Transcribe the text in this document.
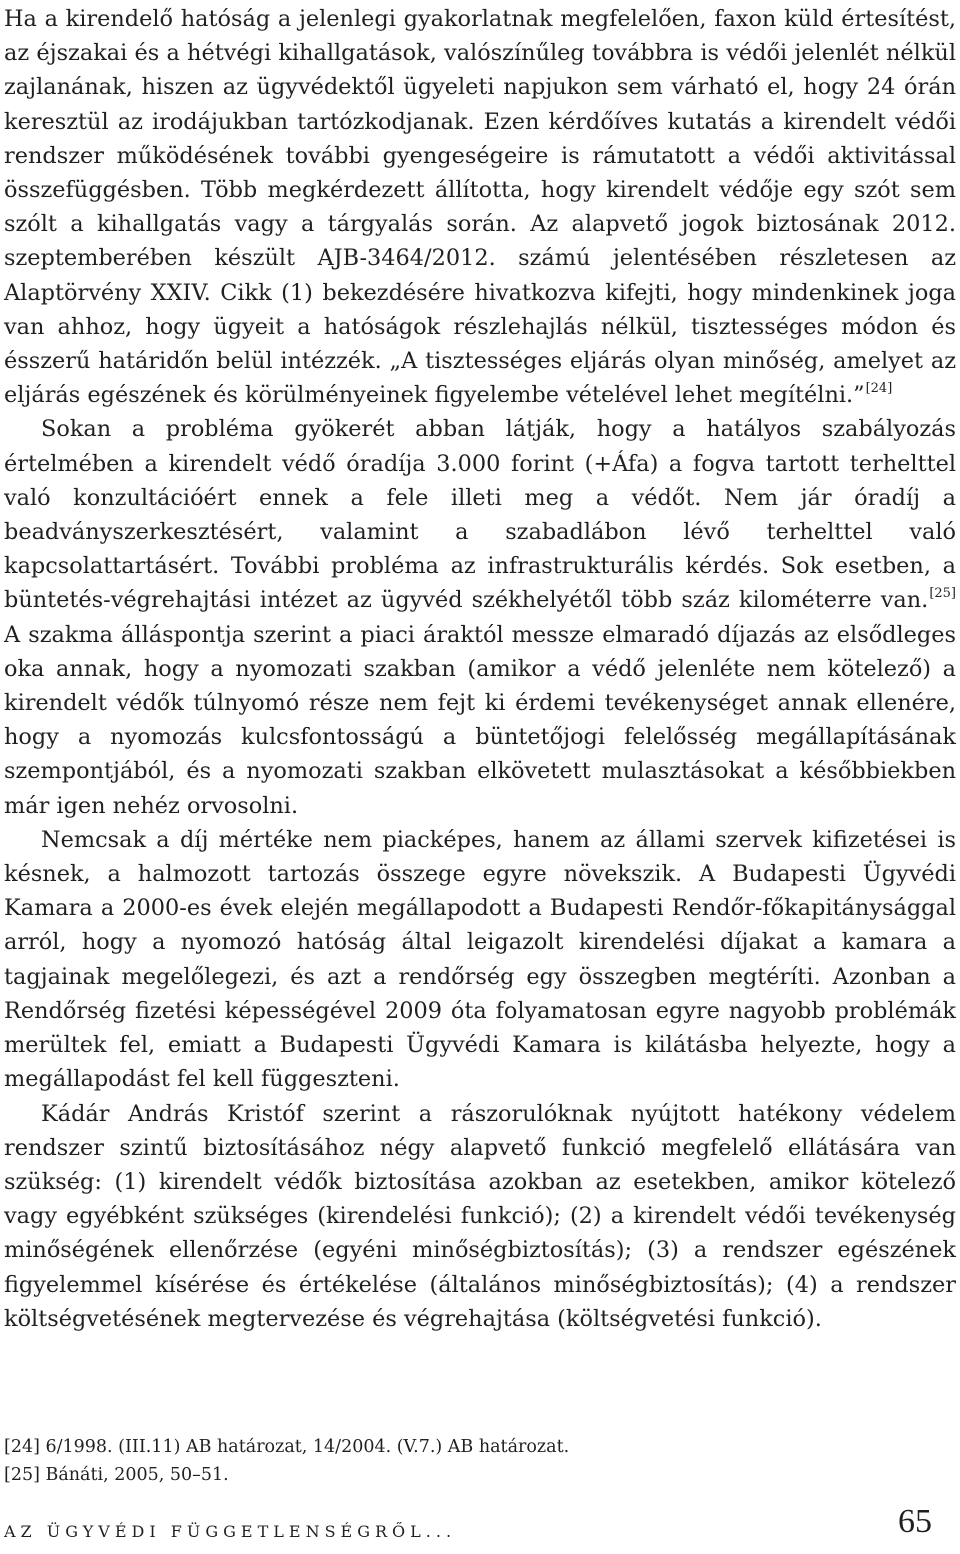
Ha a kirendelő hatóság a jelenlegi gyakorlatnak megfelelően, faxon küld értesítést, az éjszakai és a hétvégi kihallgatások, valószínűleg továbbra is védői jelenlét nélkül zajlanának, hiszen az ügyvédektől ügyeleti napjukon sem várható el, hogy 24 órán keresztül az irodájukban tartózkodjanak. Ezen kérdőíves kutatás a kirendelt védői rendszer működésének további gyengeségeire is rámutatott a védői aktivitással összefüggésben. Több megkérdezett állította, hogy kirendelt védője egy szót sem szólt a kihallgatás vagy a tárgyalás során. Az alapvető jogok biztosának 2012. szeptemberében készült AJB-3464/2012. számú jelentésében részletesen az Alaptörvény XXIV. Cikk (1) bekezdésére hivatkozva kifejti, hogy mindenkinek joga van ahhoz, hogy ügyeit a hatóságok részlehajlás nélkül, tisztességes módon és ésszerű határidőn belül intézzék. „A tisztességes eljárás olyan minőség, amelyet az eljárás egészének és körülményeinek figyelembe vételével lehet megítélni.”[24]

Sokan a probléma gyökerét abban látják, hogy a hatályos szabályozás értelmében a kirendelt védő óradíja 3.000 forint (+Áfa) a fogva tartott terhelttel való konzultációért ennek a fele illeti meg a védőt. Nem jár óradíj a beadványszerkesztésért, valamint a szabadlábon lévő terhelttel való kapcsolattartásért. További probléma az infrastrukturális kérdés. Sok esetben, a büntetés-végrehajtási intézet az ügyvéd székhelyétől több száz kilométerre van.[25] A szakma álláspontja szerint a piaci áraktól messze elmaradó díjazás az elsődleges oka annak, hogy a nyomozati szakban (amikor a védő jelenléte nem kötelező) a kirendelt védők túlnyomó része nem fejt ki érdemi tevékenységet annak ellenére, hogy a nyomozás kulcsfontosságú a büntetőjogi felelősség megállapításának szempontjából, és a nyomozati szakban elkövetett mulasztásokat a későbbiekben már igen nehéz orvosolni.

Nemcsak a díj mértéke nem piacképes, hanem az állami szervek kifizetései is késnek, a halmozott tartozás összege egyre növekszik. A Budapesti Ügyvédi Kamara a 2000-es évek elején megállapodott a Budapesti Rendőr-főkapitánysággal arról, hogy a nyomozó hatóság által leigazolt kirendelési díjakat a kamara a tagjainak megelőlegezi, és azt a rendőrség egy összegben megtéríti. Azonban a Rendőrség fizetési képességével 2009 óta folyamatosan egyre nagyobb problémák merültek fel, emiatt a Budapesti Ügyvédi Kamara is kilátásba helyezte, hogy a megállapodást fel kell függeszteni.

Kádár András Kristóf szerint a rászorulóknak nyújtott hatékony védelem rendszer szintű biztosításához négy alapvető funkció megfelelő ellátására van szükség: (1) kirendelt védők biztosítása azokban az esetekben, amikor kötelező vagy egyébként szükséges (kirendelési funkció); (2) a kirendelt védői tevékenység minőségének ellenőrzése (egyéni minőségbiztosítás); (3) a rendszer egészének figyelemmel kísérése és értékelése (általános minőségbiztosítás); (4) a rendszer költségvetésének megtervezése és végrehajtása (költségvetési funkció).

[24] 6/1998. (III.11) AB határozat, 14/2004. (V.7.) AB határozat.
[25] Bánáti, 2005, 50–51.
AZ ÜGYVÉDI FÜGGETLENSÉGRŐL...	65
